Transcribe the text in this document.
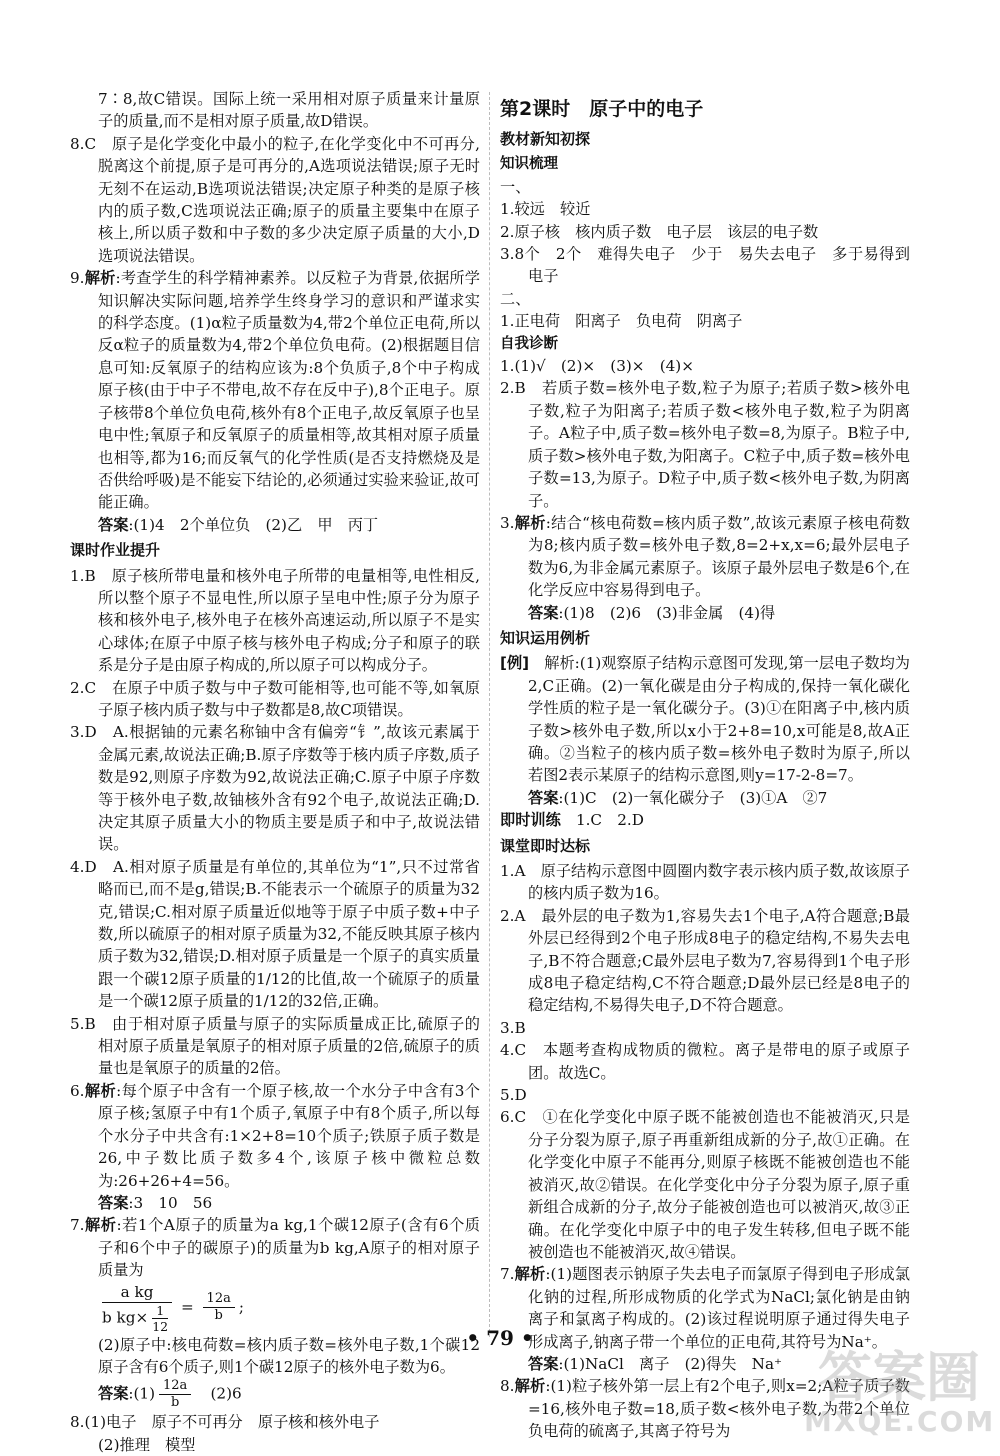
7∶8,故C错误。国际上统一采用相对原子质量来计量原子的质量,而不是相对原子质量,故D错误。

8.C　原子是化学变化中最小的粒子,在化学变化中不可再分,脱离这个前提,原子是可再分的,A选项说法错误;原子无时无刻不在运动,B选项说法错误;决定原子种类的是原子核内的质子数,C选项说法正确;原子的质量主要集中在原子核上,所以质子数和中子数的多少决定原子质量的大小,D选项说法错误。

9.解析:考查学生的科学精神素养。以反粒子为背景,依据所学知识解决实际问题,培养学生终身学习的意识和严谨求实的科学态度。(1)α粒子质量数为4,带2个单位正电荷,所以反α粒子的质量数为4,带2个单位负电荷。(2)根据题目信息可知:反氧原子的结构应该为:8个负质子,8个中子构成原子核(由于中子不带电,故不存在反中子),8个正电子。原子核带8个单位负电荷,核外有8个正电子,故反氧原子也呈电中性;氧原子和反氧原子的质量相等,故其相对原子质量也相等,都为16;而反氧气的化学性质(是否支持燃烧及是否供给呼吸)是不能妄下结论的,必须通过实验来验证,故可能正确。

答案:(1)4　2个单位负　(2)乙　甲　丙丁

课时作业提升

1.B　原子核所带电量和核外电子所带的电量相等,电性相反,所以整个原子不显电性,所以原子呈电中性;原子分为原子核和核外电子,核外电子在核外高速运动,所以原子不是实心球体;在原子中原子核与核外电子构成;分子和原子的联系是分子是由原子构成的,所以原子可以构成分子。

2.C　在原子中质子数与中子数可能相等,也可能不等,如氧原子原子核内质子数与中子数都是8,故C项错误。

3.D　A.根据铀的元素名称铀中含有偏旁“钅”,故该元素属于金属元素,故说法正确;B.原子序数等于核内质子序数,质子数是92,则原子序数为92,故说法正确;C.原子中原子序数等于核外电子数,故铀核外含有92个电子,故说法正确;D.决定其原子质量大小的物质主要是质子和中子,故说法错误。

4.D　A.相对原子质量是有单位的,其单位为“1”,只不过常省略而已,而不是g,错误;B.不能表示一个硫原子的质量为32克,错误;C.相对原子质量近似地等于原子中质子数+中子数,所以硫原子的相对原子质量为32,不能反映其原子核内质子数为32,错误;D.相对原子质量是一个原子的真实质量跟一个碳12原子质量的1/12的比值,故一个硫原子的质量是一个碳12原子质量的1/12的32倍,正确。

5.B　由于相对原子质量与原子的实际质量成正比,硫原子的相对原子质量是氧原子的相对原子质量的2倍,硫原子的质量也是氧原子的质量的2倍。

6.解析:每个原子中含有一个原子核,故一个水分子中含有3个原子核;氢原子中有1个质子,氧原子中有8个质子,所以每个水分子中共含有:1×2+8=10个质子;铁原子质子数是26,中子数比质子数多4个,该原子核中微粒总数为:26+26+4=56。

答案:3　10　56

7.解析:若1个A原子的质量为a kg,1个碳12原子(含有6个质子和6个中子的碳原子)的质量为b kg,A原子的相对原子质量为

$\frac{\text{a kg}}{b kg\times \frac{1}{12}} = \frac{12a}{b}$ ;

(2)原子中:核电荷数=核内质子数=核外电子数,1个碳12原子含有6个质子,则1个碳12原子的核外电子数为6。

答案:(1) $\frac{12a}{b}$ 　(2)6

8.(1)电子　原子不可再分　原子核和核外电子

(2)推理　模型

第2课时　原子中的电子

教材新知初探

知识梳理

一、

1.较远　较近

2.原子核　核内质子数　电子层　该层的电子数

3.8个　2个　难得失电子　少于　易失去电子　多于易得到电子

二、

1.正电荷　阳离子　负电荷　阴离子

自我诊断

1.(1)√　(2)×　(3)×　(4)×

2.B　若质子数=核外电子数,粒子为原子;若质子数>核外电子数,粒子为阳离子;若质子数<核外电子数,粒子为阴离子。A粒子中,质子数=核外电子数=8,为原子。B粒子中,质子数>核外电子数,为阳离子。C粒子中,质子数=核外电子数=13,为原子。D粒子中,质子数<核外电子数,为阴离子。

3.解析:结合“核电荷数=核内质子数”,故该元素原子核电荷数为8;核内质子数=核外电子数,8=2+x,x=6;最外层电子数为6,为非金属元素原子。该原子最外层电子数是6个,在化学反应中容易得到电子。

答案:(1)8　(2)6　(3)非金属　(4)得

知识运用例析

[例]　解析:(1)观察原子结构示意图可发现,第一层电子数均为2,C正确。(2)一氧化碳是由分子构成的,保持一氧化碳化学性质的粒子是一氧化碳分子。(3)①在阳离子中,核内质子数>核外电子数,所以x小于2+8=10,x可能是8,故A正确。②当粒子的核内质子数=核外电子数时为原子,所以若图2表示某原子的结构示意图,则y=17-2-8=7。

答案:(1)C　(2)一氧化碳分子　(3)①A　②7

即时训练　1.C　2.D

课堂即时达标

1.A　原子结构示意图中圆圈内数字表示核内质子数,故该原子的核内质子数为16。

2.A　最外层的电子数为1,容易失去1个电子,A符合题意;B最外层已经得到2个电子形成8电子的稳定结构,不易失去电子,B不符合题意;C最外层电子数为7,容易得到1个电子形成8电子稳定结构,C不符合题意;D最外层已经是8电子的稳定结构,不易得失电子,D不符合题意。

3.B

4.C　本题考查构成物质的微粒。离子是带电的原子或原子团。故选C。

5.D

6.C　①在化学变化中原子既不能被创造也不能被消灭,只是分子分裂为原子,原子再重新组成新的分子,故①正确。在化学变化中原子不能再分,则原子核既不能被创造也不能被消灭,故②错误。在化学变化中分子分裂为原子,原子重新组合成新的分子,故分子能被创造也可以被消灭,故③正确。在化学变化中原子中的电子发生转移,但电子既不能被创造也不能被消灭,故④错误。

7.解析:(1)题图表示钠原子失去电子而氯原子得到电子形成氯化钠的过程,所形成物质的化学式为NaCl;氯化钠是由钠离子和氯离子构成的。(2)该过程说明原子通过得失电子形成离子,钠离子带一个单位的正电荷,其符号为Na⁺。

答案:(1)NaCl　离子　(2)得失　Na⁺

8.解析:(1)粒子核外第一层上有2个电子,则x=2;A粒子质子数=16,核外电子数=18,质子数<核外电子数,为带2个单位负电荷的硫离子,其离子符号为

• 79 •
答案圈
MXQE.COM
